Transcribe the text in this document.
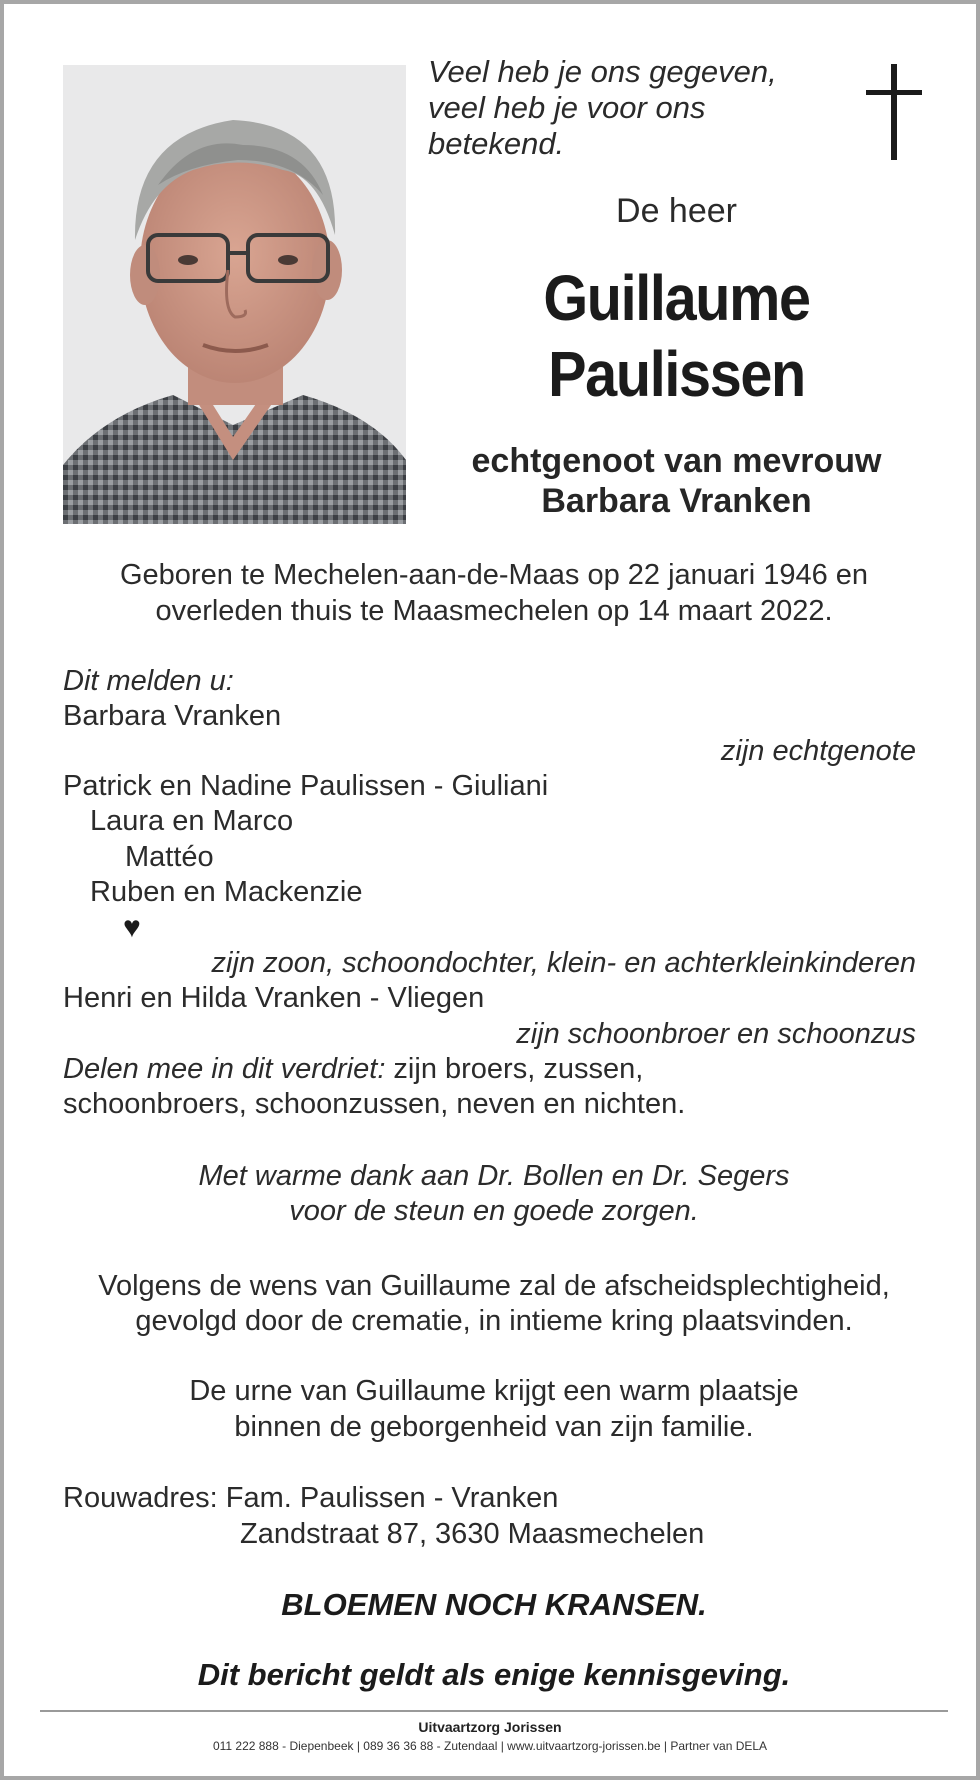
Veel heb je ons gegeven,
veel heb je voor ons
betekend.
De heer
Guillaume
Paulissen
echtgenoot van mevrouw
Barbara Vranken
Geboren te Mechelen-aan-de-Maas op 22 januari 1946 en
overleden thuis te Maasmechelen op 14 maart 2022.
Dit melden u:
Barbara Vranken
zijn echtgenote
Patrick en Nadine Paulissen - Giuliani
Laura en Marco
Mattéo
Ruben en Mackenzie
♥
zijn zoon, schoondochter, klein- en achterkleinkinderen
Henri en Hilda Vranken - Vliegen
zijn schoonbroer en schoonzus
Delen mee in dit verdriet: zijn broers, zussen,
schoonbroers, schoonzussen, neven en nichten.
Met warme dank aan Dr. Bollen en Dr. Segers
voor de steun en goede zorgen.
Volgens de wens van Guillaume zal de afscheidsplechtigheid,
gevolgd door de crematie, in intieme kring plaatsvinden.
De urne van Guillaume krijgt een warm plaatsje
binnen de geborgenheid van zijn familie.
Rouwadres: Fam. Paulissen - Vranken
Zandstraat 87, 3630 Maasmechelen
BLOEMEN NOCH KRANSEN.
Dit bericht geldt als enige kennisgeving.
Uitvaartzorg Jorissen
011 222 888 - Diepenbeek | 089 36 36 88 - Zutendaal | www.uitvaartzorg-jorissen.be | Partner van DELA
